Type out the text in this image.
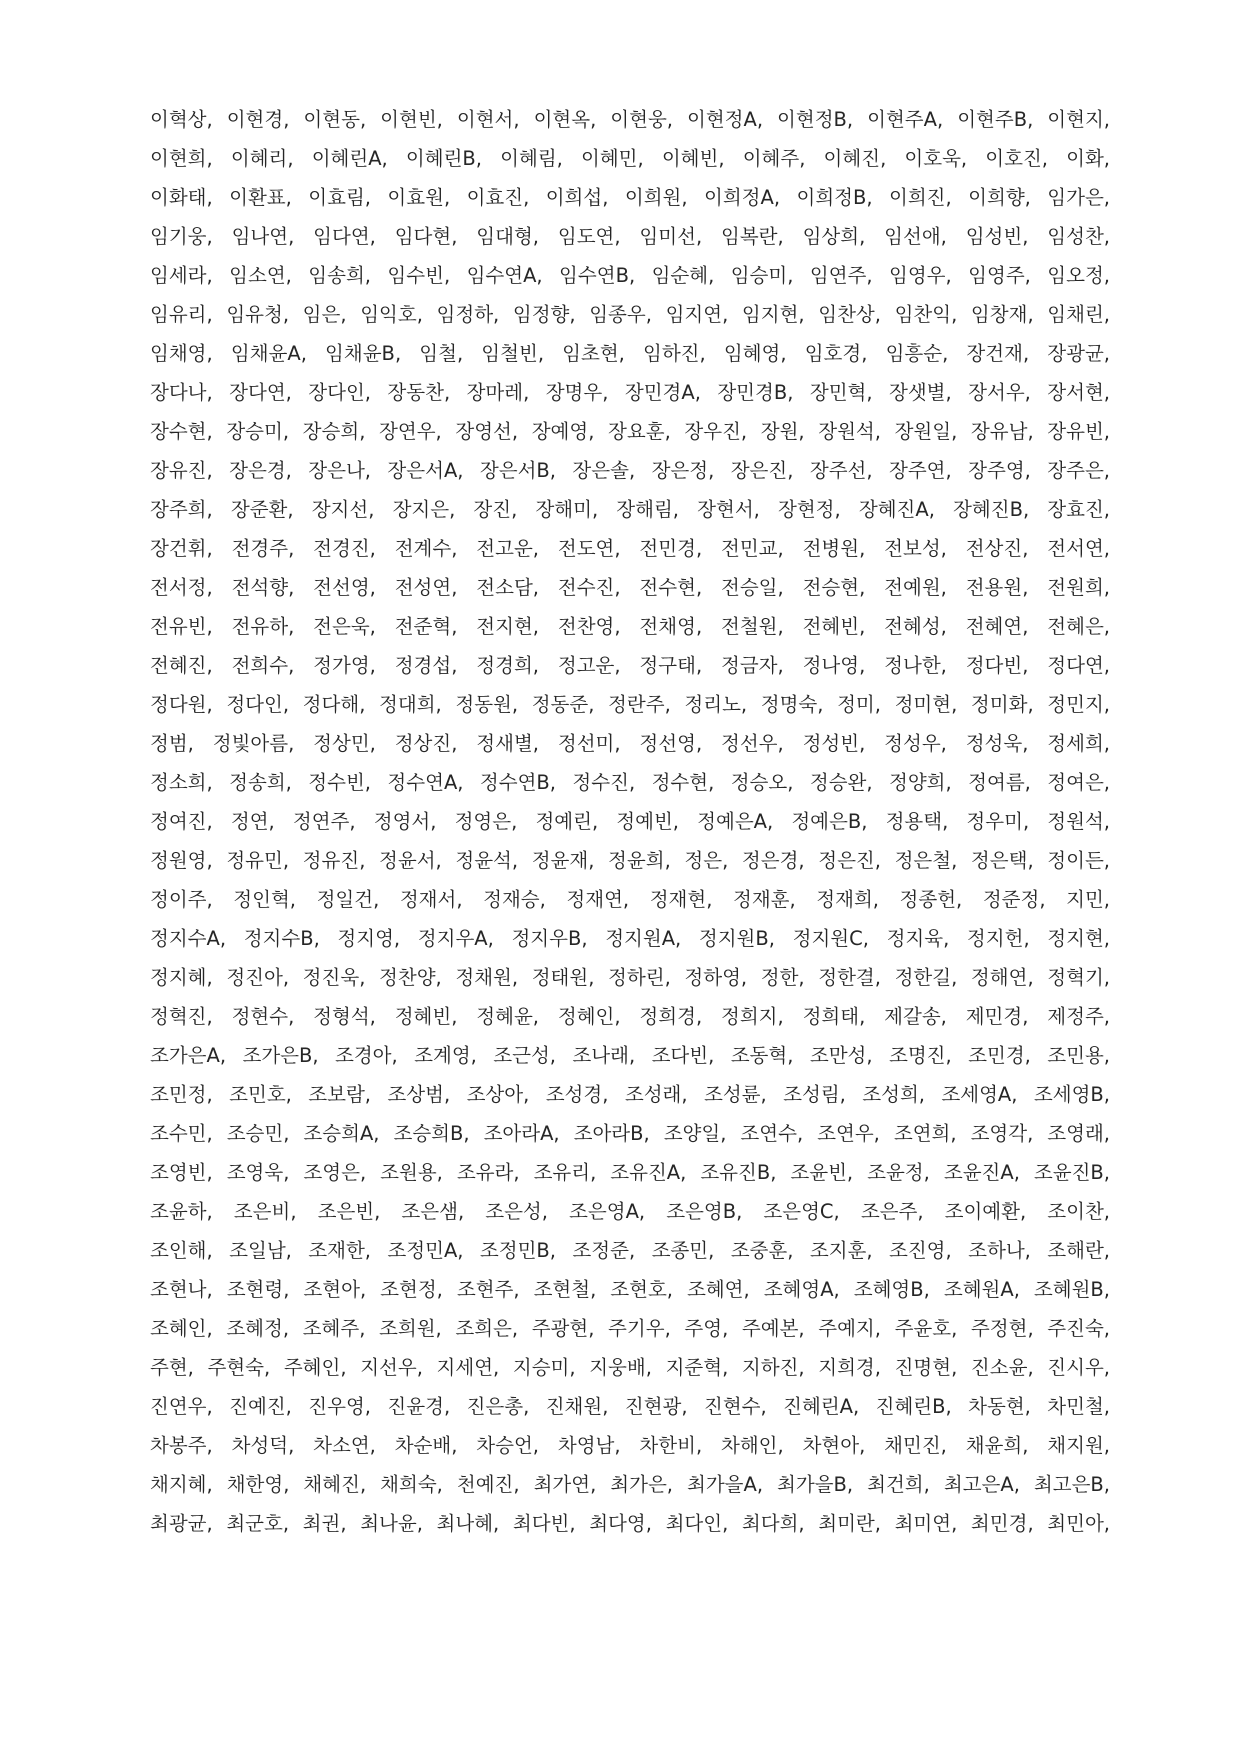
이혁상, 이현경, 이현동, 이현빈, 이현서, 이현옥, 이현웅, 이현정A, 이현정B, 이현주A, 이현주B, 이현지,
이현희, 이혜리, 이혜린A, 이혜린B, 이혜림, 이혜민, 이혜빈, 이혜주, 이혜진, 이호욱, 이호진, 이화,
이화태, 이환표, 이효림, 이효원, 이효진, 이희섭, 이희원, 이희정A, 이희정B, 이희진, 이희향, 임가은,
임기웅, 임나연, 임다연, 임다현, 임대형, 임도연, 임미선, 임복란, 임상희, 임선애, 임성빈, 임성찬,
임세라, 임소연, 임송희, 임수빈, 임수연A, 임수연B, 임순혜, 임승미, 임연주, 임영우, 임영주, 임오정,
임유리, 임유청, 임은, 임익호, 임정하, 임정향, 임종우, 임지연, 임지현, 임찬상, 임찬익, 임창재, 임채린,
임채영, 임채윤A, 임채윤B, 임철, 임철빈, 임초현, 임하진, 임혜영, 임호경, 임흥순, 장건재, 장광균,
장다나, 장다연, 장다인, 장동찬, 장마레, 장명우, 장민경A, 장민경B, 장민혁, 장샛별, 장서우, 장서현,
장수현, 장승미, 장승희, 장연우, 장영선, 장예영, 장요훈, 장우진, 장원, 장원석, 장원일, 장유남, 장유빈,
장유진, 장은경, 장은나, 장은서A, 장은서B, 장은솔, 장은정, 장은진, 장주선, 장주연, 장주영, 장주은,
장주희, 장준환, 장지선, 장지은, 장진, 장해미, 장해림, 장현서, 장현정, 장혜진A, 장혜진B, 장효진,
장건휘, 전경주, 전경진, 전계수, 전고운, 전도연, 전민경, 전민교, 전병원, 전보성, 전상진, 전서연,
전서정, 전석향, 전선영, 전성연, 전소담, 전수진, 전수현, 전승일, 전승현, 전예원, 전용원, 전원희,
전유빈, 전유하, 전은욱, 전준혁, 전지현, 전찬영, 전채영, 전철원, 전혜빈, 전혜성, 전혜연, 전혜은,
전혜진, 전희수, 정가영, 정경섭, 정경희, 정고운, 정구태, 정금자, 정나영, 정나한, 정다빈, 정다연,
정다원, 정다인, 정다해, 정대희, 정동원, 정동준, 정란주, 정리노, 정명숙, 정미, 정미현, 정미화, 정민지,
정범, 정빛아름, 정상민, 정상진, 정새별, 정선미, 정선영, 정선우, 정성빈, 정성우, 정성욱, 정세희,
정소희, 정송희, 정수빈, 정수연A, 정수연B, 정수진, 정수현, 정승오, 정승완, 정양희, 정여름, 정여은,
정여진, 정연, 정연주, 정영서, 정영은, 정예린, 정예빈, 정예은A, 정예은B, 정용택, 정우미, 정원석,
정원영, 정유민, 정유진, 정윤서, 정윤석, 정윤재, 정윤희, 정은, 정은경, 정은진, 정은철, 정은택, 정이든,
정이주, 정인혁, 정일건, 정재서, 정재승, 정재연, 정재현, 정재훈, 정재희, 정종헌, 정준정, 지민,
정지수A, 정지수B, 정지영, 정지우A, 정지우B, 정지원A, 정지원B, 정지원C, 정지육, 정지헌, 정지현,
정지혜, 정진아, 정진욱, 정찬양, 정채원, 정태원, 정하린, 정하영, 정한, 정한결, 정한길, 정해연, 정혁기,
정혁진, 정현수, 정형석, 정혜빈, 정혜윤, 정혜인, 정희경, 정희지, 정희태, 제갈송, 제민경, 제정주,
조가은A, 조가은B, 조경아, 조계영, 조근성, 조나래, 조다빈, 조동혁, 조만성, 조명진, 조민경, 조민용,
조민정, 조민호, 조보람, 조상범, 조상아, 조성경, 조성래, 조성륜, 조성림, 조성희, 조세영A, 조세영B,
조수민, 조승민, 조승희A, 조승희B, 조아라A, 조아라B, 조양일, 조연수, 조연우, 조연희, 조영각, 조영래,
조영빈, 조영욱, 조영은, 조원용, 조유라, 조유리, 조유진A, 조유진B, 조윤빈, 조윤정, 조윤진A, 조윤진B,
조윤하, 조은비, 조은빈, 조은샘, 조은성, 조은영A, 조은영B, 조은영C, 조은주, 조이예환, 조이찬,
조인해, 조일남, 조재한, 조정민A, 조정민B, 조정준, 조종민, 조중훈, 조지훈, 조진영, 조하나, 조해란,
조현나, 조현령, 조현아, 조현정, 조현주, 조현철, 조현호, 조혜연, 조혜영A, 조혜영B, 조혜원A, 조혜원B,
조혜인, 조혜정, 조혜주, 조희원, 조희은, 주광현, 주기우, 주영, 주예본, 주예지, 주윤호, 주정현, 주진숙,
주현, 주현숙, 주혜인, 지선우, 지세연, 지승미, 지웅배, 지준혁, 지하진, 지희경, 진명현, 진소윤, 진시우,
진연우, 진예진, 진우영, 진윤경, 진은총, 진채원, 진현광, 진현수, 진혜린A, 진혜린B, 차동현, 차민철,
차봉주, 차성덕, 차소연, 차순배, 차승언, 차영남, 차한비, 차해인, 차현아, 채민진, 채윤희, 채지원,
채지혜, 채한영, 채혜진, 채희숙, 천예진, 최가연, 최가은, 최가을A, 최가을B, 최건희, 최고은A, 최고은B,
최광균, 최군호, 최권, 최나윤, 최나혜, 최다빈, 최다영, 최다인, 최다희, 최미란, 최미연, 최민경, 최민아,
